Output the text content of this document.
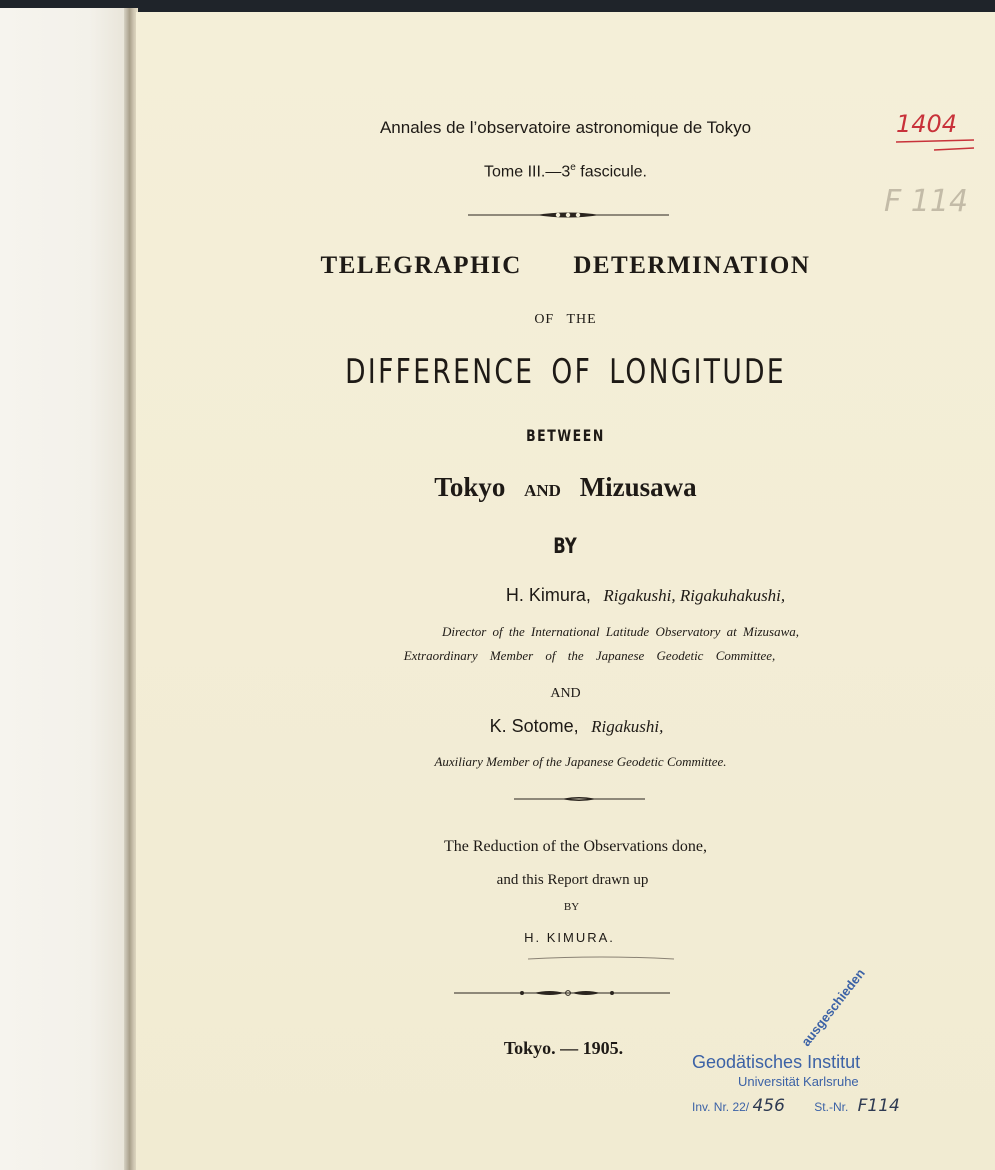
Annales de l’observatoire astronomique de Tokyo
Tome III.—3e fascicule.
TELEGRAPHIC DETERMINATION
OF THE
DIFFERENCE OF LONGITUDE
BETWEEN
Tokyo AND Mizusawa
BY
H. Kimura, Rigakushi, Rigakuhakushi,
Director of the International Latitude Observatory at Mizusawa,
Extraordinary Member of the Japanese Geodetic Committee,
AND
K. Sotome, Rigakushi,
Auxiliary Member of the Japanese Geodetic Committee.
The Reduction of the Observations done,
and this Report drawn up
BY
H. KIMURA.
Tokyo. — 1905.
1404
F 114
Geodätisches Institut
Universität Karlsruhe
Inv. Nr. 22/ 456 St.-Nr. F114
ausgeschieden
